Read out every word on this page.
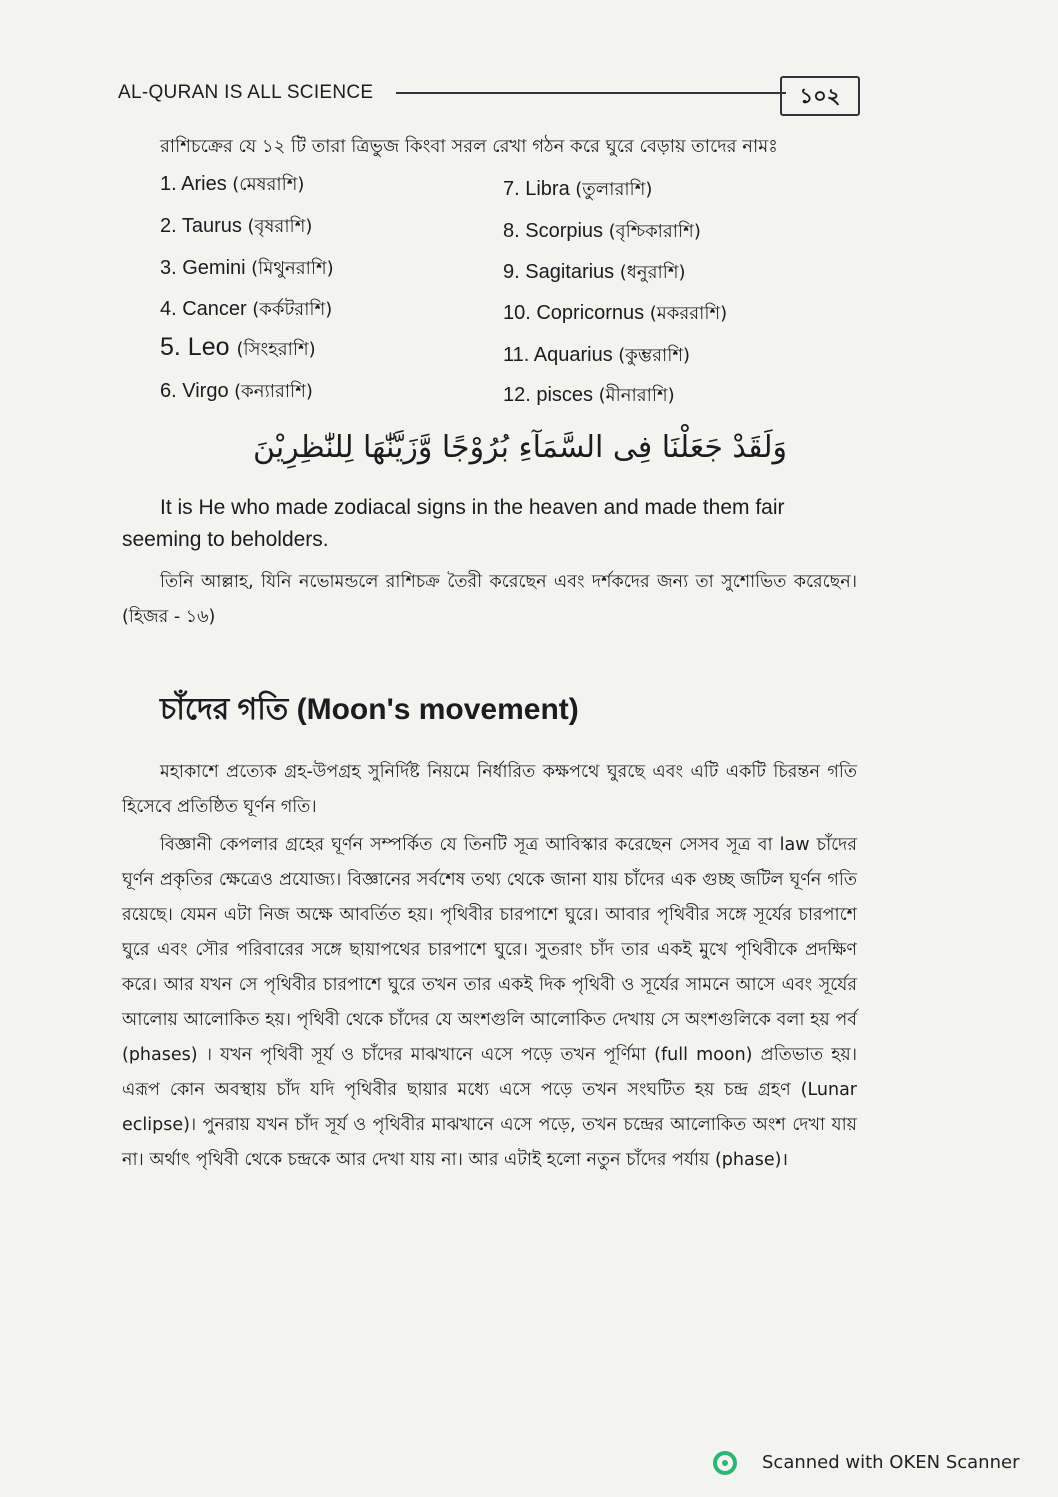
AL-QURAN IS ALL SCIENCE	১০২
রাশিচক্রের যে ১২ টি তারা ত্রিভুজ কিংবা সরল রেখা গঠন করে ঘুরে বেড়ায় তাদের নামঃ
1. Aries (মেষরাশি)
2. Taurus (বৃষরাশি)
3. Gemini (মিথুনরাশি)
4. Cancer (কর্কটরাশি)
5. Leo (সিংহরাশি)
6. Virgo (কন্যারাশি)
7. Libra (তুলারাশি)
8. Scorpius (বৃশ্চিকারাশি)
9. Sagitarius (ধনুরাশি)
10. Copricornus (মকররাশি)
11. Aquarius (কুম্ভরাশি)
12. pisces (মীনারাশি)
وَلَقَدْ جَعَلْنَا فِى السَّمَآءِ بُرُوْجًا وَّزَيَّنّٰهَا لِلنّٰظِرِيْنَ
It is He who made zodiacal signs in the heaven and made them fair seeming to beholders.
তিনি আল্লাহ, যিনি নভোমন্ডলে রাশিচক্র তৈরী করেছেন এবং দর্শকদের জন্য তা সুশোভিত করেছেন। (হিজর - ১৬)
চাঁদের গতি (Moon's movement)
মহাকাশে প্রত্যেক গ্রহ-উপগ্রহ সুনির্দিষ্ট নিয়মে নির্ধারিত কক্ষপথে ঘুরছে এবং এটি একটি চিরন্তন গতি হিসেবে প্রতিষ্ঠিত ঘূর্ণন গতি।
বিজ্ঞানী কেপলার গ্রহের ঘূর্ণন সম্পর্কিত যে তিনটি সূত্র আবিস্কার করেছেন সেসব সূত্র বা law চাঁদের ঘূর্ণন প্রকৃতির ক্ষেত্রেও প্রযোজ্য। বিজ্ঞানের সর্বশেষ তথ্য থেকে জানা যায় চাঁদের এক গুচ্ছ জটিল ঘূর্ণন গতি রয়েছে। যেমন এটা নিজ অক্ষে আবর্তিত হয়। পৃথিবীর চারপাশে ঘুরে। আবার পৃথিবীর সঙ্গে সূর্যের চারপাশে ঘুরে এবং সৌর পরিবারের সঙ্গে ছায়াপথের চারপাশে ঘুরে। সুতরাং চাঁদ তার একই মুখে পৃথিবীকে প্রদক্ষিণ করে। আর যখন সে পৃথিবীর চারপাশে ঘুরে তখন তার একই দিক পৃথিবী ও সূর্যের সামনে আসে এবং সূর্যের আলোয় আলোকিত হয়। পৃথিবী থেকে চাঁদের যে অংশগুলি আলোকিত দেখায় সে অংশগুলিকে বলা হয় পর্ব (phases) । যখন পৃথিবী সূর্য ও চাঁদের মাঝখানে এসে পড়ে তখন পূর্ণিমা (full moon) প্রতিভাত হয়। এরূপ কোন অবস্থায় চাঁদ যদি পৃথিবীর ছায়ার মধ্যে এসে পড়ে তখন সংঘটিত হয় চন্দ্র গ্রহণ (Lunar eclipse)। পুনরায় যখন চাঁদ সূর্য ও পৃথিবীর মাঝখানে এসে পড়ে, তখন চন্দ্রের আলোকিত অংশ দেখা যায় না। অর্থাৎ পৃথিবী থেকে চন্দ্রকে আর দেখা যায় না। আর এটাই হলো নতুন চাঁদের পর্যায় (phase)।
Scanned with OKEN Scanner
